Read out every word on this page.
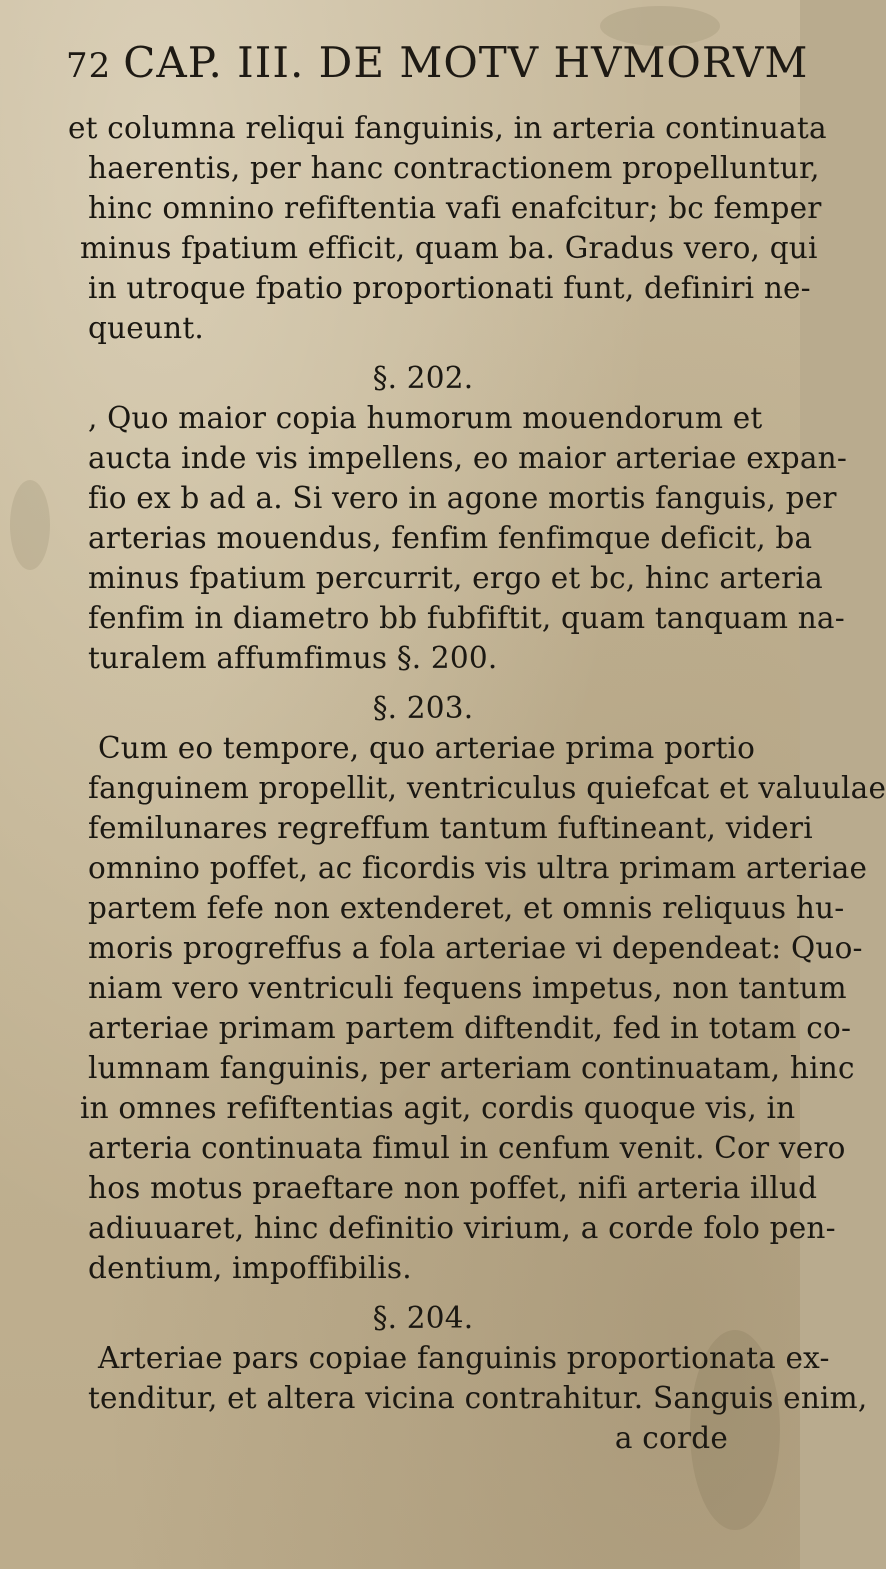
72 CAP. III. DE MOTV HVMORVM
et columna reliqui fanguinis, in arteria continuata
haerentis, per hanc contractionem propelluntur,
hinc omnino refiftentia vafi enafcitur; bc femper
minus fpatium efficit, quam ba. Gradus vero, qui
in utroque fpatio proportionati funt, definiri ne-
queunt.
§. 202.
, Quo maior copia humorum mouendorum et
aucta inde vis impellens, eo maior arteriae expan-
fio ex b ad a. Si vero in agone mortis fanguis, per
arterias mouendus, fenfim fenfimque deficit, ba
minus fpatium percurrit, ergo et bc, hinc arteria
fenfim in diametro bb fubfiftit, quam tanquam na-
turalem affumfimus §. 200.
§. 203.
Cum eo tempore, quo arteriae prima portio
fanguinem propellit, ventriculus quiefcat et valuulae
femilunares regreffum tantum fuftineant, videri
omnino poffet, ac ficordis vis ultra primam arteriae
partem fefe non extenderet, et omnis reliquus hu-
moris progreffus a fola arteriae vi dependeat: Quo-
niam vero ventriculi fequens impetus, non tantum
arteriae primam partem diftendit, fed in totam co-
lumnam fanguinis, per arteriam continuatam, hinc
in omnes refiftentias agit, cordis quoque vis, in
arteria continuata fimul in cenfum venit. Cor vero
hos motus praeftare non poffet, nifi arteria illud
adiuuaret, hinc definitio virium, a corde folo pen-
dentium, impoffibilis.
§. 204.
Arteriae pars copiae fanguinis proportionata ex-
tenditur, et altera vicina contrahitur. Sanguis enim,
a corde
